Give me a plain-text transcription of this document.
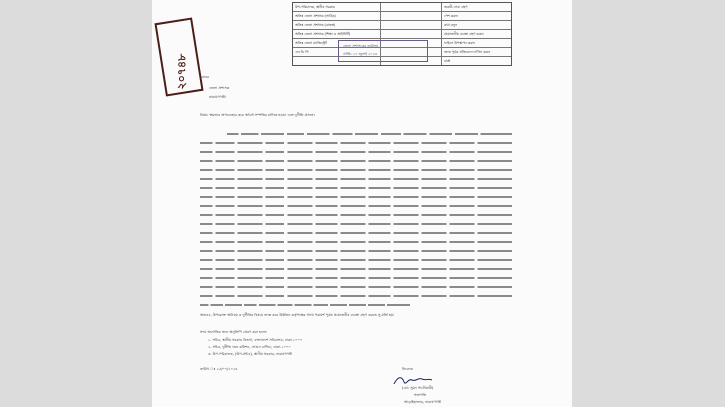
২০৭৪৮
উপ-পরিচালক, স্থানীয় সরকার	জরুরী সেবা গ্রহণ
অতিঃ জেলা প্রশাসক (সার্বিক)	পেশ করুন
অতিঃ জেলা প্রশাসক (রাজস্ব)	কথা বলুন
অতিঃ জেলা প্রশাসক (শিক্ষা ও আইসিটি)	প্রয়োজনীয় ব্যবস্থা গ্রহণ করুন
অতিঃ জেলা ম্যাজিস্ট্রেট	ফাইলে উপস্থাপন করুন
এন ডি সি	তদন্ত পূর্বক প্রতিবেদন দাখিল করুন
বার্তা
জেলা প্রশাসকের কার্যালয়
প্রাপ্তি: ২৭ জুলাই ২০২৪
বরাবর
জেলা প্রশাসক
নারায়ণগঞ্জ।
বিষয়: ক্ষমতার অপব্যবহার করে অবৈধ সম্পত্তির মালিক হওয়া এবং দুর্নীতি প্রসঙ্গে।
অতএব, উপরোক্ত অনিয়ম ও দুর্নীতির বিষয়ে তদন্ত করে উর্ধ্বতন কর্তৃপক্ষের সাথে পরামর্শ পূর্বক প্রয়োজনীয় ব্যবস্থা গ্রহণ করতে সু-মর্জি হয়।
সদয় অবগতির জন্য অনুলিপি প্রেরণ করা হলো:
১. সচিব, স্থানীয় সরকার বিভাগ, বাংলাদেশ সচিবালয়, ঢাকা-১০০০
২. সচিব, দুর্নীতি দমন কমিশন, সেগুন বাগিচা, ঢাকা-১০০০
৩. উপ-পরিচালক, (উপ-সচিব), স্থানীয় সরকার, নারায়ণগঞ্জ
তারিখ ঃ ২৫/০৭/২০২৪	নিবেদক
(মো: সুমন পাটোয়ারী)
সভাপতি
আড়াইহাজার, নারায়ণগঞ্জ
